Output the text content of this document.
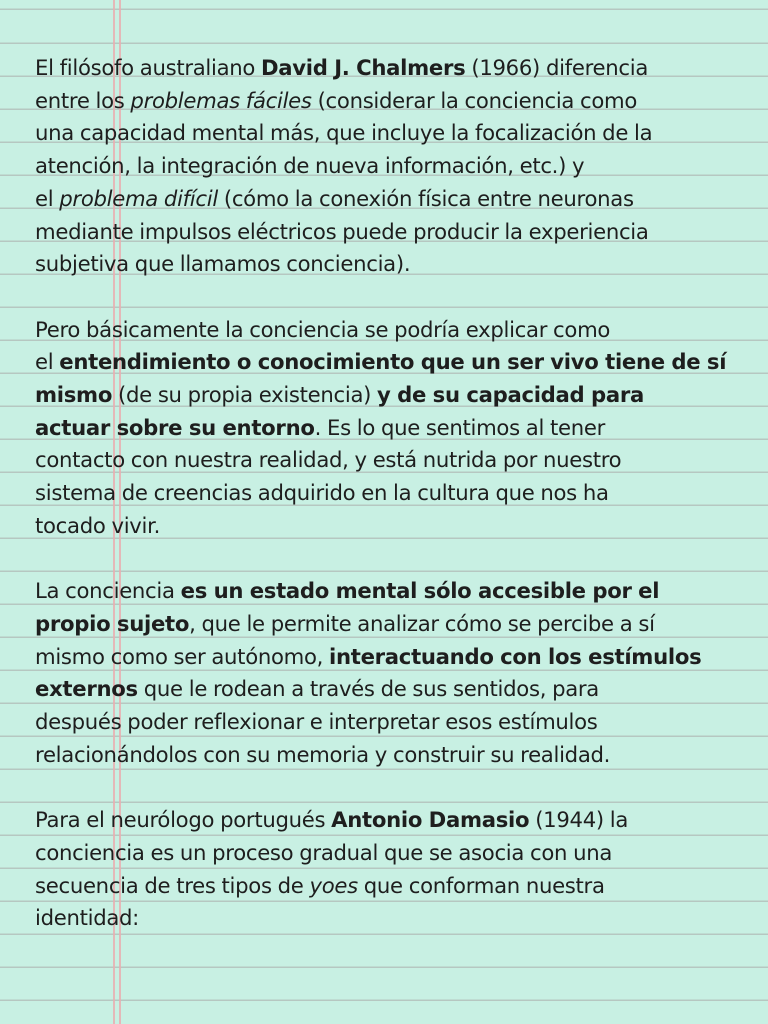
El filósofo australiano David J. Chalmers (1966) diferencia
entre los problemas fáciles (considerar la conciencia como
una capacidad mental más, que incluye la focalización de la
atención, la integración de nueva información, etc.) y
el problema difícil (cómo la conexión física entre neuronas
mediante impulsos eléctricos puede producir la experiencia
subjetiva que llamamos conciencia).

Pero básicamente la conciencia se podría explicar como
el entendimiento o conocimiento que un ser vivo tiene de sí
mismo (de su propia existencia) y de su capacidad para
actuar sobre su entorno. Es lo que sentimos al tener
contacto con nuestra realidad, y está nutrida por nuestro
sistema de creencias adquirido en la cultura que nos ha
tocado vivir.

La conciencia es un estado mental sólo accesible por el
propio sujeto, que le permite analizar cómo se percibe a sí
mismo como ser autónomo, interactuando con los estímulos
externos que le rodean a través de sus sentidos, para
después poder reflexionar e interpretar esos estímulos
relacionándolos con su memoria y construir su realidad.

Para el neurólogo portugués Antonio Damasio (1944) la
conciencia es un proceso gradual que se asocia con una
secuencia de tres tipos de yoes que conforman nuestra
identidad:
